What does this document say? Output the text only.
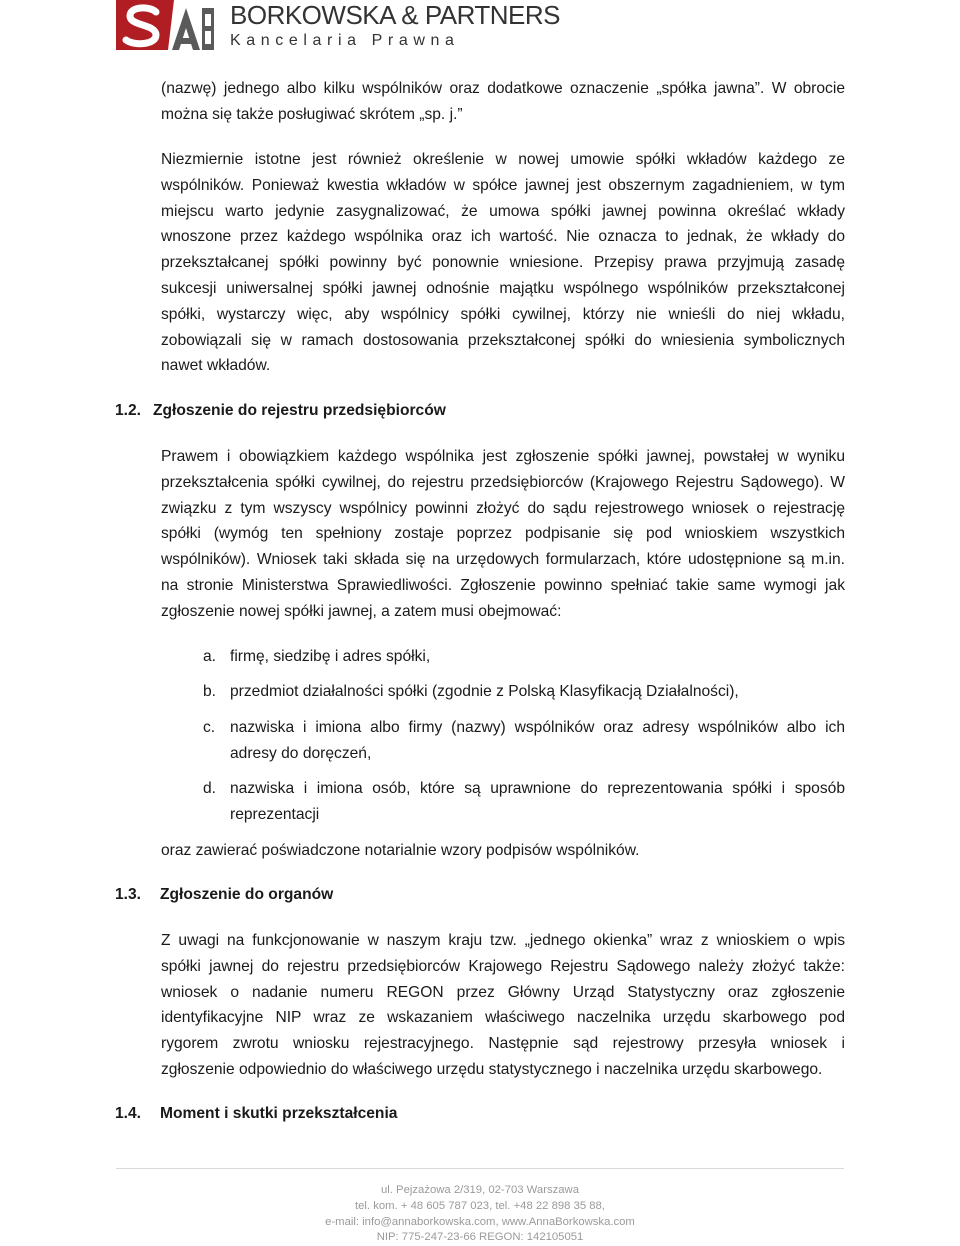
BORKOWSKA & PARTNERS
Kancelaria Prawna
(nazwę) jednego albo kilku wspólników oraz dodatkowe oznaczenie „spółka jawna”. W obrocie
można się także posługiwać skrótem „sp. j.”
Niezmiernie istotne jest również określenie w nowej umowie spółki wkładów każdego ze
wspólników. Ponieważ kwestia wkładów w spółce jawnej jest obszernym zagadnieniem, w tym
miejscu warto jedynie zasygnalizować, że umowa spółki jawnej powinna określać wkłady
wnoszone przez każdego wspólnika oraz ich wartość. Nie oznacza to jednak, że wkłady do
przekształcanej spółki powinny być ponownie wniesione. Przepisy prawa przyjmują zasadę
sukcesji uniwersalnej spółki jawnej odnośnie majątku wspólnego wspólników przekształconej
spółki, wystarczy więc, aby wspólnicy spółki cywilnej, którzy nie wnieśli do niej wkładu,
zobowiązali się w ramach dostosowania przekształconej spółki do wniesienia symbolicznych
nawet wkładów.
1.2. Zgłoszenie do rejestru przedsiębiorców
Prawem i obowiązkiem każdego wspólnika jest zgłoszenie spółki jawnej, powstałej w wyniku
przekształcenia spółki cywilnej, do rejestru przedsiębiorców (Krajowego Rejestru Sądowego). W
związku z tym wszyscy wspólnicy powinni złożyć do sądu rejestrowego wniosek o rejestrację
spółki (wymóg ten spełniony zostaje poprzez podpisanie się pod wnioskiem wszystkich
wspólników). Wniosek taki składa się na urzędowych formularzach, które udostępnione są m.in.
na stronie Ministerstwa Sprawiedliwości. Zgłoszenie powinno spełniać takie same wymogi jak
zgłoszenie nowej spółki jawnej, a zatem musi obejmować:
a. firmę, siedzibę i adres spółki,
b. przedmiot działalności spółki (zgodnie z Polską Klasyfikacją Działalności),
c. nazwiska i imiona albo firmy (nazwy) wspólników oraz adresy wspólników albo ich
adresy do doręczeń,
d. nazwiska i imiona osób, które są uprawnione do reprezentowania spółki i sposób
reprezentacji
oraz zawierać poświadczone notarialnie wzory podpisów wspólników.
1.3. Zgłoszenie do organów
Z uwagi na funkcjonowanie w naszym kraju tzw. „jednego okienka” wraz z wnioskiem o wpis
spółki jawnej do rejestru przedsiębiorców Krajowego Rejestru Sądowego należy złożyć także:
wniosek o nadanie numeru REGON przez Główny Urząd Statystyczny oraz zgłoszenie
identyfikacyjne NIP wraz ze wskazaniem właściwego naczelnika urzędu skarbowego pod
rygorem zwrotu wniosku rejestracyjnego. Następnie sąd rejestrowy przesyła wniosek i
zgłoszenie odpowiednio do właściwego urzędu statystycznego i naczelnika urzędu skarbowego.
1.4. Moment i skutki przekształcenia
ul. Pejzażowa 2/319, 02-703 Warszawa
tel. kom. + 48 605 787 023, tel. +48 22 898 35 88,
e-mail: info@annaborkowska.com, www.AnnaBorkowska.com
NIP: 775-247-23-66 REGON: 142105051
